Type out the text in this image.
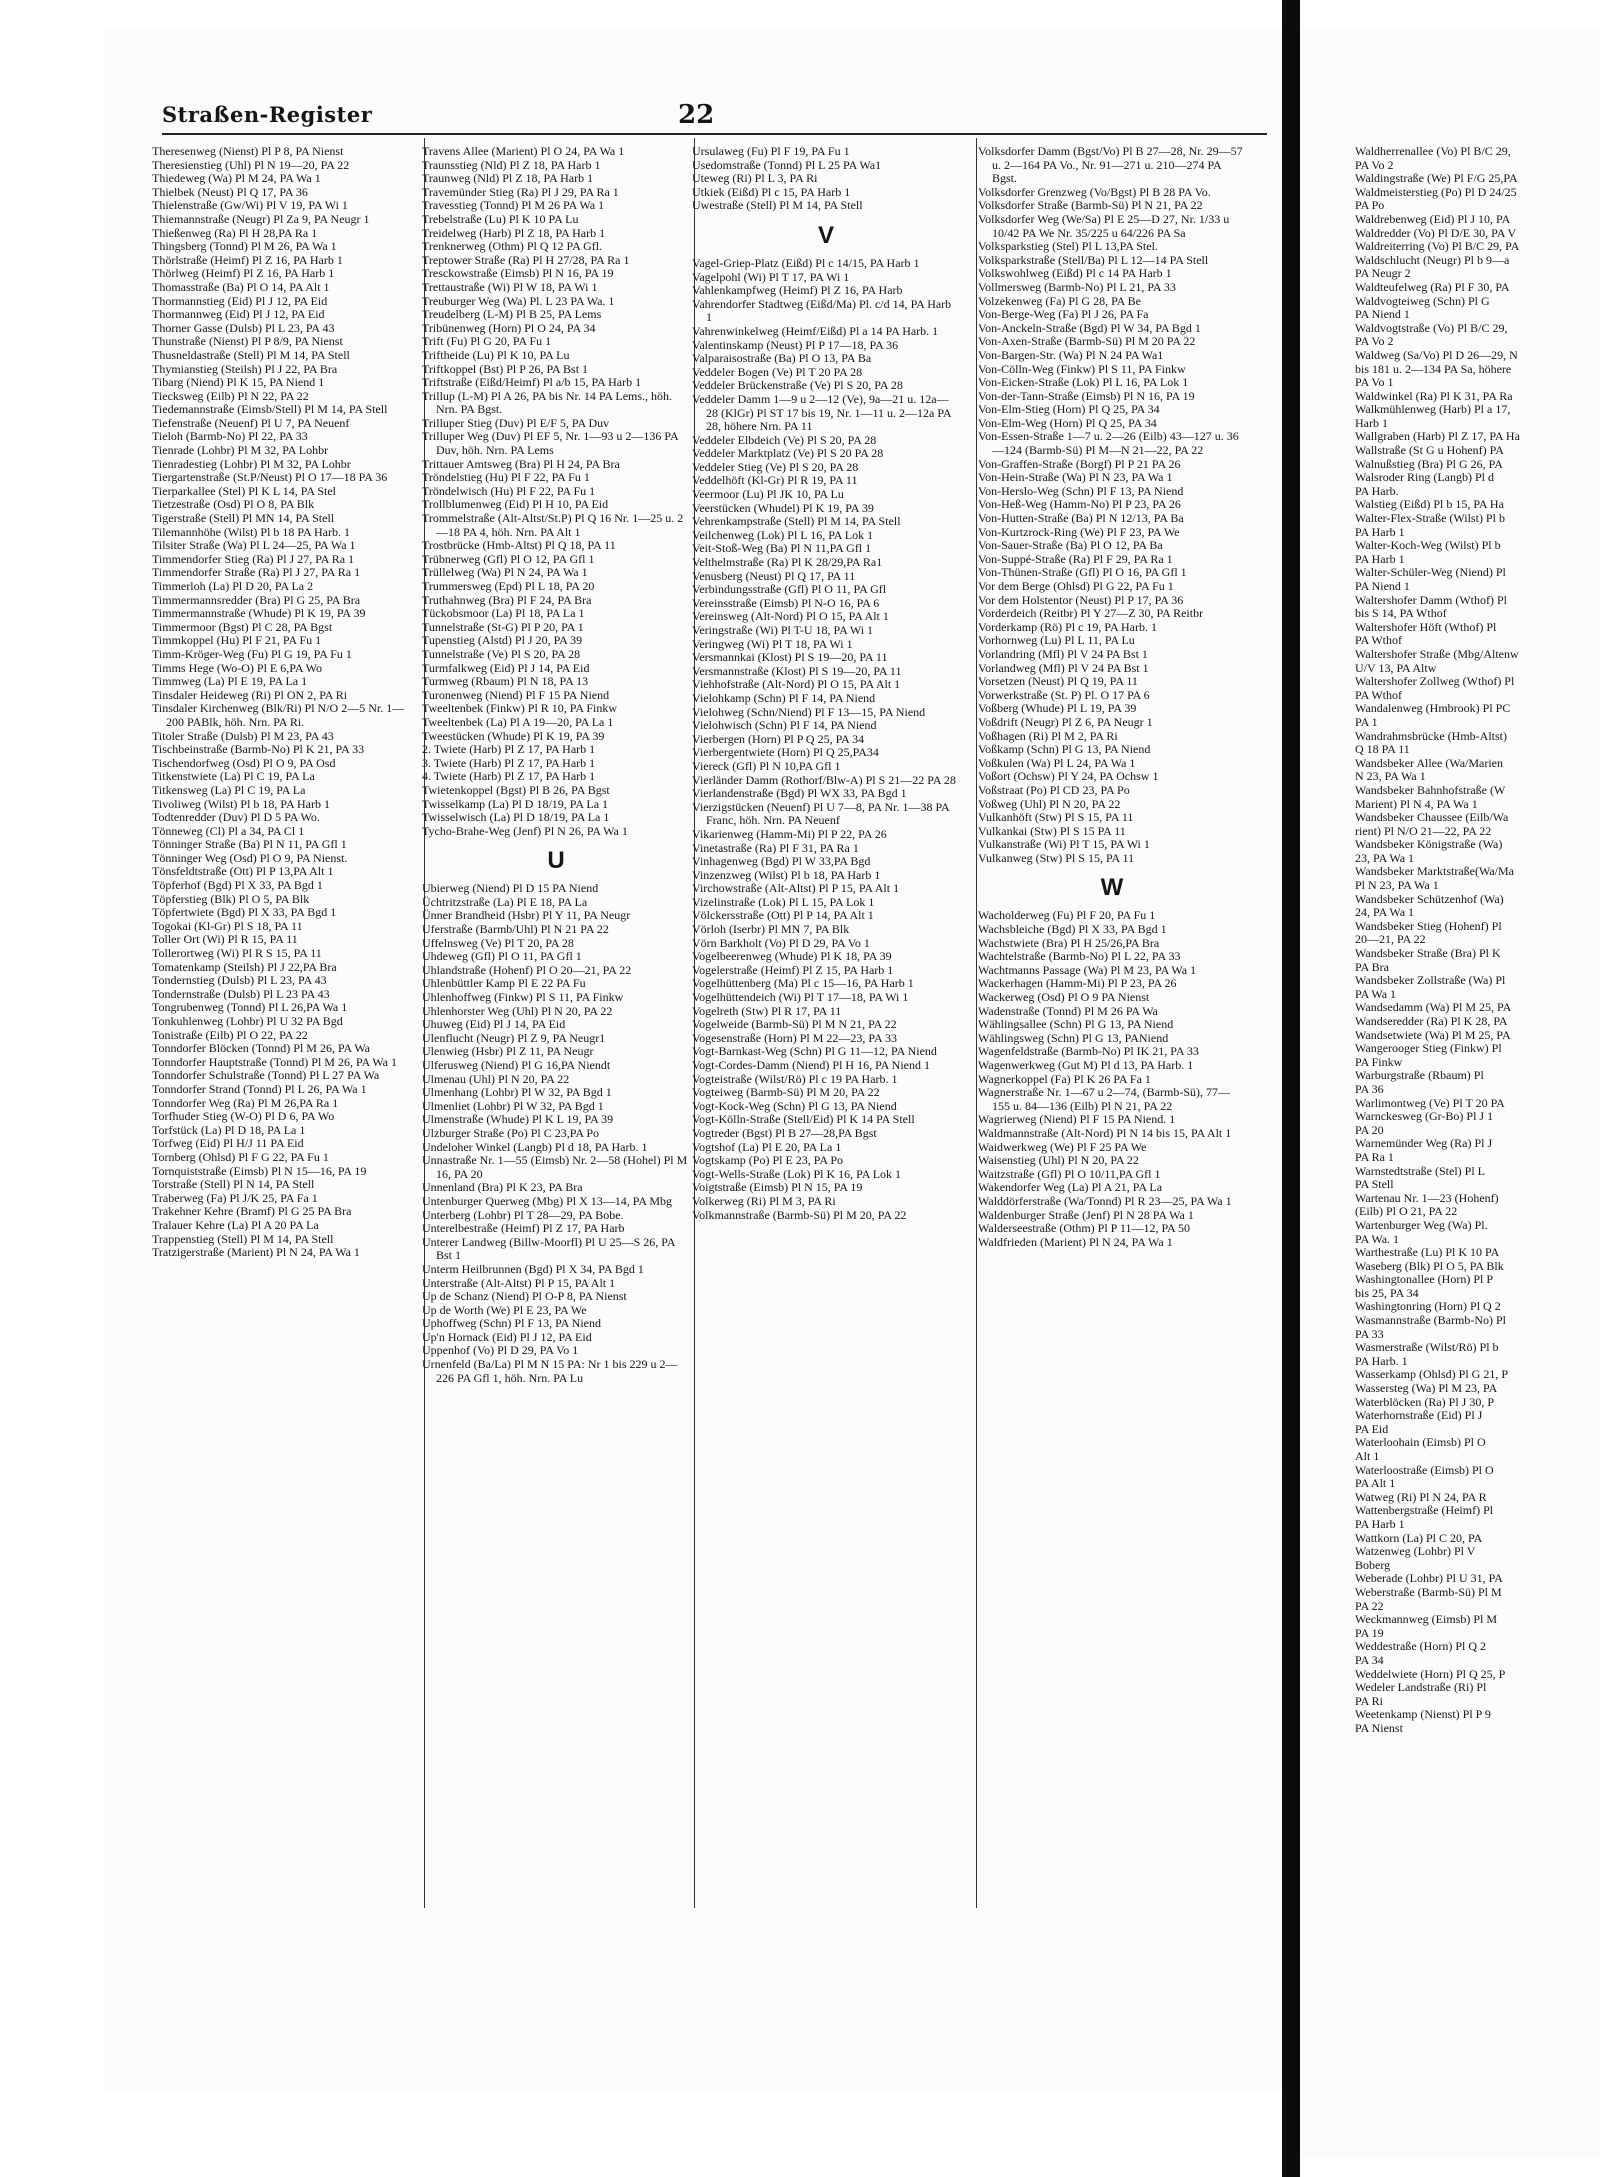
Straßen-Register	22
Theresenweg (Nienst) Pl P 8, PA Nienst
Theresienstieg (Uhl) Pl N 19—20, PA 22
Thiedeweg (Wa) Pl M 24, PA Wa 1
Thielbek (Neust) Pl Q 17, PA 36
Thielenstraße (Gw/Wi) Pl V 19, PA Wi 1
Thiemannstraße (Neugr) Pl Za 9, PA Neugr 1
Thießenweg (Ra) Pl H 28,PA Ra 1
Thingsberg (Tonnd) Pl M 26, PA Wa 1
Thörlstraße (Heimf) Pl Z 16, PA Harb 1
Thörlweg (Heimf) Pl Z 16, PA Harb 1
Thomasstraße (Ba) Pl O 14, PA Alt 1
Thormannstieg (Eid) Pl J 12, PA Eid
Thormannweg (Eid) Pl J 12, PA Eid
Thorner Gasse (Dulsb) Pl L 23, PA 43
Thunstraße (Nienst) Pl P 8/9, PA Nienst
Thusneldastraße (Stell) Pl M 14, PA Stell
Thymianstieg (Steilsh) Pl J 22, PA Bra
Tibarg (Niend) Pl K 15, PA Niend 1
Tiecksweg (Eilb) Pl N 22, PA 22
Tiedemannstraße (Eimsb/Stell) Pl M 14, PA Stell
Tiefenstraße (Neuenf) Pl U 7, PA Neuenf
Tieloh (Barmb-No) Pl 22, PA 33
Tienrade (Lohbr) Pl M 32, PA Lohbr
Tienradestieg (Lohbr) Pl M 32, PA Lohbr
Tiergartenstraße (St.P/Neust) Pl O 17—18 PA 36
Tierparkallee (Stel) Pl K L 14, PA Stel
Tietzestraße (Osd) Pl O 8, PA Blk
Tigerstraße (Stell) Pl MN 14, PA Stell
Tilemannhöhe (Wilst) Pl b 18 PA Harb. 1
Tilsiter Straße (Wa) Pl L 24—25, PA Wa 1
Timmendorfer Stieg (Ra) Pl J 27, PA Ra 1
Timmendorfer Straße (Ra) Pl J 27, PA Ra 1
Timmerloh (La) Pl D 20, PA La 2
Timmermannsredder (Bra) Pl G 25, PA Bra
Timmermannstraße (Whude) Pl K 19, PA 39
Timmermoor (Bgst) Pl C 28, PA Bgst
Timmkoppel (Hu) Pl F 21, PA Fu 1
Timm-Kröger-Weg (Fu) Pl G 19, PA Fu 1
Timms Hege (Wo-O) Pl E 6,PA Wo
Timmweg (La) Pl E 19, PA La 1
Tinsdaler Heideweg (Ri) Pl ON 2, PA Ri
Tinsdaler Kirchenweg (Blk/Ri) Pl N/O 2—5 Nr. 1—200 PABlk, höh. Nrn. PA Ri.
Titoler Straße (Dulsb) Pl M 23, PA 43
Tischbeinstraße (Barmb-No) Pl K 21, PA 33
Tischendorfweg (Osd) Pl O 9, PA Osd
Titkenstwiete (La) Pl C 19, PA La
Titkensweg (La) Pl C 19, PA La
Tivoliweg (Wilst) Pl b 18, PA Harb 1
Todtenredder (Duv) Pl D 5 PA Wo.
Tönneweg (Cl) Pl a 34, PA Cl 1
Tönninger Straße (Ba) Pl N 11, PA Gfl 1
Tönninger Weg (Osd) Pl O 9, PA Nienst.
Tönsfeldtstraße (Ott) Pl P 13,PA Alt 1
Töpferhof (Bgd) Pl X 33, PA Bgd 1
Töpferstieg (Blk) Pl O 5, PA Blk
Töpfertwiete (Bgd) Pl X 33, PA Bgd 1
Togokai (Kl-Gr) Pl S 18, PA 11
Toller Ort (Wi) Pl R 15, PA 11
Tollerortweg (Wi) Pl R S 15, PA 11
Tomatenkamp (Steilsh) Pl J 22,PA Bra
Tondernstieg (Dulsb) Pl L 23, PA 43
Tondernstraße (Dulsb) Pl L 23 PA 43
Tongrubenweg (Tonnd) Pl L 26,PA Wa 1
Tonkuhlenweg (Lohbr) Pl U 32 PA Bgd
Tonistraße (Eilb) Pl O 22, PA 22
Tonndorfer Blöcken (Tonnd) Pl M 26, PA Wa
Tonndorfer Hauptstraße (Tonnd) Pl M 26, PA Wa 1
Tonndorfer Schulstraße (Tonnd) Pl L 27 PA Wa
Tonndorfer Strand (Tonnd) Pl L 26, PA Wa 1
Tonndorfer Weg (Ra) Pl M 26,PA Ra 1
Torfhuder Stieg (W-O) Pl D 6, PA Wo
Torfstück (La) Pl D 18, PA La 1
Torfweg (Eid) Pl H/J 11 PA Eid
Tornberg (Ohlsd) Pl F G 22, PA Fu 1
Tornquiststraße (Eimsb) Pl N 15—16, PA 19
Torstraße (Stell) Pl N 14, PA Stell
Traberweg (Fa) Pl J/K 25, PA Fa 1
Trakehner Kehre (Bramf) Pl G 25 PA Bra
Tralauer Kehre (La) Pl A 20 PA La
Trappenstieg (Stell) Pl M 14, PA Stell
Tratzigerstraße (Marient) Pl N 24, PA Wa 1
Travens Allee (Marient) Pl O 24, PA Wa 1
Traunsstieg (Nld) Pl Z 18, PA Harb 1
Traunweg (Nld) Pl Z 18, PA Harb 1
Travemünder Stieg (Ra) Pl J 29, PA Ra 1
Travesstieg (Tonnd) Pl M 26 PA Wa 1
Trebelstraße (Lu) Pl K 10 PA Lu
Treidelweg (Harb) Pl Z 18, PA Harb 1
Trenknerweg (Othm) Pl Q 12 PA Gfl.
Treptower Straße (Ra) Pl H 27/28, PA Ra 1
Tresckowstraße (Eimsb) Pl N 16, PA 19
Trettaustraße (Wi) Pl W 18, PA Wi 1
Treuburger Weg (Wa) Pl. L 23 PA Wa. 1
Treudelberg (L-M) Pl B 25, PA Lems
Tribünenweg (Horn) Pl O 24, PA 34
Trift (Fu) Pl G 20, PA Fu 1
Triftheide (Lu) Pl K 10, PA Lu
Triftkoppel (Bst) Pl P 26, PA Bst 1
Triftstraße (Eißd/Heimf) Pl a/b 15, PA Harb 1
Trillup (L-M) Pl A 26, PA bis Nr. 14 PA Lems., höh. Nrn. PA Bgst.
Trilluper Stieg (Duv) Pl E/F 5, PA Duv
Trilluper Weg (Duv) Pl EF 5, Nr. 1—93 u 2—136 PA Duv, höh. Nrn. PA Lems
Trittauer Amtsweg (Bra) Pl H 24, PA Bra
Tröndelstieg (Hu) Pl F 22, PA Fu 1
Tröndelwisch (Hu) Pl F 22, PA Fu 1
Trollblumenweg (Eid) Pl H 10, PA Eid
Trommelstraße (Alt-Altst/St.P) Pl Q 16 Nr. 1—25 u. 2—18 PA 4, höh. Nrn. PA Alt 1
Trostbrücke (Hmb-Altst) Pl Q 18, PA 11
Trübnerweg (Gfl) Pl O 12, PA Gfl 1
Trüllelweg (Wa) Pl N 24, PA Wa 1
Trummersweg (Epd) Pl L 18, PA 20
Truthahnweg (Bra) Pl F 24, PA Bra
Tückobsmoor (La) Pl 18, PA La 1
Tunnelstraße (St-G) Pl P 20, PA 1
Tupenstieg (Alstd) Pl J 20, PA 39
Tunnelstraße (Ve) Pl S 20, PA 28
Turmfalkweg (Eid) Pl J 14, PA Eid
Turmweg (Rbaum) Pl N 18, PA 13
Turonenweg (Niend) Pl F 15 PA Niend
Tweeltenbek (Finkw) Pl R 10, PA Finkw
Tweeltenbek (La) Pl A 19—20, PA La 1
Tweestücken (Whude) Pl K 19, PA 39
2. Twiete (Harb) Pl Z 17, PA Harb 1
3. Twiete (Harb) Pl Z 17, PA Harb 1
4. Twiete (Harb) Pl Z 17, PA Harb 1
Twietenkoppel (Bgst) Pl B 26, PA Bgst
Twisselkamp (La) Pl D 18/19, PA La 1
Twisselwisch (La) Pl D 18/19, PA La 1
Tycho-Brahe-Weg (Jenf) Pl N 26, PA Wa 1
U
Ubierweg (Niend) Pl D 15 PA Niend
Üchtritzstraße (La) Pl E 18, PA La
Ünner Brandheid (Hsbr) Pl Y 11, PA Neugr
Uferstraße (Barmb/Uhl) Pl N 21 PA 22
Uffelnsweg (Ve) Pl T 20, PA 28
Uhdeweg (Gfl) Pl O 11, PA Gfl 1
Uhlandstraße (Hohenf) Pl O 20—21, PA 22
Uhlenbüttler Kamp Pl E 22 PA Fu
Uhlenhoffweg (Finkw) Pl S 11, PA Finkw
Uhlenhorster Weg (Uhl) Pl N 20, PA 22
Uhuweg (Eid) Pl J 14, PA Eid
Ulenflucht (Neugr) Pl Z 9, PA Neugr1
Ulenwieg (Hsbr) Pl Z 11, PA Neugr
Ulferusweg (Niend) Pl G 16,PA Niendt
Ulmenau (Uhl) Pl N 20, PA 22
Ulmenhang (Lohbr) Pl W 32, PA Bgd 1
Ulmenliet (Lohbr) Pl W 32, PA Bgd 1
Ulmenstraße (Whude) Pl K L 19, PA 39
Ulzburger Straße (Po) Pl C 23,PA Po
Undeloher Winkel (Langb) Pl d 18, PA Harb. 1
Unnastraße Nr. 1—55 (Eimsb) Nr. 2—58 (Hohel) Pl M 16, PA 20
Unnenland (Bra) Pl K 23, PA Bra
Untenburger Querweg (Mbg) Pl X 13—14, PA Mbg
Unterberg (Lohbr) Pl T 28—29, PA Bobe.
Unterelbestraße (Heimf) Pl Z 17, PA Harb
Unterer Landweg (Billw-Moorfl) Pl U 25—S 26, PA Bst 1
Unterm Heilbrunnen (Bgd) Pl X 34, PA Bgd 1
Unterstraße (Alt-Altst) Pl P 15, PA Alt 1
Up de Schanz (Niend) Pl O-P 8, PA Nienst
Up de Worth (We) Pl E 23, PA We
Uphoffweg (Schn) Pl F 13, PA Niend
Up'n Hornack (Eid) Pl J 12, PA Eid
Uppenhof (Vo) Pl D 29, PA Vo 1
Urnenfeld (Ba/La) Pl M N 15 PA: Nr 1 bis 229 u 2—226 PA Gfl 1, höh. Nrn. PA Lu
Ursulaweg (Fu) Pl F 19, PA Fu 1
Usedomstraße (Tonnd) Pl L 25 PA Wa1
Uteweg (Ri) Pl L 3, PA Ri
Utkiek (Eißd) Pl c 15, PA Harb 1
Uwestraße (Stell) Pl M 14, PA Stell
V
Vagel-Griep-Platz (Eißd) Pl c 14/15, PA Harb 1
Vagelpohl (Wi) Pl T 17, PA Wi 1
Vahlenkampfweg (Heimf) Pl Z 16, PA Harb
Vahrendorfer Stadtweg (Eißd/Ma) Pl. c/d 14, PA Harb 1
Vahrenwinkelweg (Heimf/Eißd) Pl a 14 PA Harb. 1
Valentinskamp (Neust) Pl P 17—18, PA 36
Valparaisostraße (Ba) Pl O 13, PA Ba
Veddeler Bogen (Ve) Pl T 20 PA 28
Veddeler Brückenstraße (Ve) Pl S 20, PA 28
Veddeler Damm 1—9 u 2—12 (Ve), 9a—21 u. 12a—28 (KlGr) Pl ST 17 bis 19, Nr. 1—11 u. 2—12a PA 28, höhere Nrn. PA 11
Veddeler Elbdeich (Ve) Pl S 20, PA 28
Veddeler Marktplatz (Ve) Pl S 20 PA 28
Veddeler Stieg (Ve) Pl S 20, PA 28
Veddelhöft (Kl-Gr) Pl R 19, PA 11
Veermoor (Lu) Pl JK 10, PA Lu
Veerstücken (Whudel) Pl K 19, PA 39
Vehrenkampstraße (Stell) Pl M 14, PA Stell
Veilchenweg (Lok) Pl L 16, PA Lok 1
Veit-Stoß-Weg (Ba) Pl N 11,PA Gfl 1
Velthelmstraße (Ra) Pl K 28/29,PA Ra1
Venusberg (Neust) Pl Q 17, PA 11
Verbindungsstraße (Gfl) Pl O 11, PA Gfl
Vereinsstraße (Eimsb) Pl N-O 16, PA 6
Vereinsweg (Alt-Nord) Pl O 15, PA Alt 1
Veringstraße (Wi) Pl T-U 18, PA Wi 1
Veringweg (Wi) Pl T 18, PA Wi 1
Versmannkai (Klost) Pl S 19—20, PA 11
Versmannstraße (Klost) Pl S 19—20, PA 11
Viehhofstraße (Alt-Nord) Pl O 15, PA Alt 1
Vielohkamp (Schn) Pl F 14, PA Niend
Vielohweg (Schn/Niend) Pl F 13—15, PA Niend
Vielohwisch (Schn) Pl F 14, PA Niend
Vierbergen (Horn) Pl P Q 25, PA 34
Vierbergentwiete (Horn) Pl Q 25,PA34
Viereck (Gfl) Pl N 10,PA Gfl 1
Vierländer Damm (Rothorf/Blw-A) Pl S 21—22 PA 28
Vierlandenstraße (Bgd) Pl WX 33, PA Bgd 1
Vierzigstücken (Neuenf) Pl U 7—8, PA Nr. 1—38 PA Franc, höh. Nrn. PA Neuenf
Vikarienweg (Hamm-Mi) Pl P 22, PA 26
Vinetastraße (Ra) Pl F 31, PA Ra 1
Vinhagenweg (Bgd) Pl W 33,PA Bgd
Vinzenzweg (Wilst) Pl b 18, PA Harb 1
Virchowstraße (Alt-Altst) Pl P 15, PA Alt 1
Vizelinstraße (Lok) Pl L 15, PA Lok 1
Völckersstraße (Ott) Pl P 14, PA Alt 1
Vörloh (Iserbr) Pl MN 7, PA Blk
Vörn Barkholt (Vo) Pl D 29, PA Vo 1
Vogelbeerenweg (Whude) Pl K 18, PA 39
Vogelerstraße (Heimf) Pl Z 15, PA Harb 1
Vogelhüttenberg (Ma) Pl c 15—16, PA Harb 1
Vogelhüttendeich (Wi) Pl T 17—18, PA Wi 1
Vogelreth (Stw) Pl R 17, PA 11
Vogelweide (Barmb-Sü) Pl M N 21, PA 22
Vogesenstraße (Horn) Pl M 22—23, PA 33
Vogt-Barnkast-Weg (Schn) Pl G 11—12, PA Niend
Vogt-Cordes-Damm (Niend) Pl H 16, PA Niend 1
Vogteistraße (Wilst/Rö) Pl c 19 PA Harb. 1
Vogteiweg (Barmb-Sü) Pl M 20, PA 22
Vogt-Kock-Weg (Schn) Pl G 13, PA Niend
Vogt-Kölln-Straße (Stell/Eid) Pl K 14 PA Stell
Vogtreder (Bgst) Pl B 27—28,PA Bgst
Vogtshof (La) Pl E 20, PA La 1
Vogtskamp (Po) Pl E 23, PA Po
Vogt-Wells-Straße (Lok) Pl K 16, PA Lok 1
Voigtstraße (Eimsb) Pl N 15, PA 19
Volkerweg (Ri) Pl M 3, PA Ri
Volkmannstraße (Barmb-Sü) Pl M 20, PA 22
Volksdorfer Damm (Bgst/Vo) Pl B 27—28, Nr. 29—57 u. 2—164 PA Vo., Nr. 91—271 u. 210—274 PA Bgst.
Volksdorfer Grenzweg (Vo/Bgst) Pl B 28 PA Vo.
Volksdorfer Straße (Barmb-Sü) Pl N 21, PA 22
Volksdorfer Weg (We/Sa) Pl E 25—D 27, Nr. 1/33 u 10/42 PA We Nr. 35/225 u 64/226 PA Sa
Volksparkstieg (Stel) Pl L 13,PA Stel.
Volksparkstraße (Stell/Ba) Pl L 12—14 PA Stell
Volkswohlweg (Eißd) Pl c 14 PA Harb 1
Vollmersweg (Barmb-No) Pl L 21, PA 33
Volzekenweg (Fa) Pl G 28, PA Be
Von-Berge-Weg (Fa) Pl J 26, PA Fa
Von-Anckeln-Straße (Bgd) Pl W 34, PA Bgd 1
Von-Axen-Straße (Barmb-Sü) Pl M 20 PA 22
Von-Bargen-Str. (Wa) Pl N 24 PA Wa1
Von-Cölln-Weg (Finkw) Pl S 11, PA Finkw
Von-Eicken-Straße (Lok) Pl L 16, PA Lok 1
Von-der-Tann-Straße (Eimsb) Pl N 16, PA 19
Von-Elm-Stieg (Horn) Pl Q 25, PA 34
Von-Elm-Weg (Horn) Pl Q 25, PA 34
Von-Essen-Straße 1—7 u. 2—26 (Eilb) 43—127 u. 36—124 (Barmb-Sü) Pl M—N 21—22, PA 22
Von-Graffen-Straße (Borgf) Pl P 21 PA 26
Von-Hein-Straße (Wa) Pl N 23, PA Wa 1
Von-Herslo-Weg (Schn) Pl F 13, PA Niend
Von-Heß-Weg (Hamm-No) Pl P 23, PA 26
Von-Hutten-Straße (Ba) Pl N 12/13, PA Ba
Von-Kurtzrock-Ring (We) Pl F 23, PA We
Von-Sauer-Straße (Ba) Pl O 12, PA Ba
Von-Suppé-Straße (Ra) Pl F 29, PA Ra 1
Von-Thünen-Straße (Gfl) Pl O 16, PA Gfl 1
Vor dem Berge (Ohlsd) Pl G 22, PA Fu 1
Vor dem Holstentor (Neust) Pl P 17, PA 36
Vorderdeich (Reitbr) Pl Y 27—Z 30, PA Reitbr
Vorderkamp (Rö) Pl c 19, PA Harb. 1
Vorhornweg (Lu) Pl L 11, PA Lu
Vorlandring (Mfl) Pl V 24 PA Bst 1
Vorlandweg (Mfl) Pl V 24 PA Bst 1
Vorsetzen (Neust) Pl Q 19, PA 11
Vorwerkstraße (St. P) Pl. O 17 PA 6
Voßberg (Whude) Pl L 19, PA 39
Voßdrift (Neugr) Pl Z 6, PA Neugr 1
Voßhagen (Ri) Pl M 2, PA Ri
Voßkamp (Schn) Pl G 13, PA Niend
Voßkulen (Wa) Pl L 24, PA Wa 1
Voßort (Ochsw) Pl Y 24, PA Ochsw 1
Voßstraat (Po) Pl CD 23, PA Po
Voßweg (Uhl) Pl N 20, PA 22
Vulkanhöft (Stw) Pl S 15, PA 11
Vulkankai (Stw) Pl S 15 PA 11
Vulkanstraße (Wi) Pl T 15, PA Wi 1
Vulkanweg (Stw) Pl S 15, PA 11
W
Wacholderweg (Fu) Pl F 20, PA Fu 1
Wachsbleiche (Bgd) Pl X 33, PA Bgd 1
Wachstwiete (Bra) Pl H 25/26,PA Bra
Wachtelstraße (Barmb-No) Pl L 22, PA 33
Wachtmanns Passage (Wa) Pl M 23, PA Wa 1
Wackerhagen (Hamm-Mi) Pl P 23, PA 26
Wackerweg (Osd) Pl O 9 PA Nienst
Wadenstraße (Tonnd) Pl M 26 PA Wa
Wählingsallee (Schn) Pl G 13, PA Niend
Wählingsweg (Schn) Pl G 13, PANiend
Wagenfeldstraße (Barmb-No) Pl IK 21, PA 33
Wagenwerkweg (Gut M) Pl d 13, PA Harb. 1
Wagnerkoppel (Fa) Pl K 26 PA Fa 1
Wagnerstraße Nr. 1—67 u 2—74, (Barmb-Sü), 77—155 u. 84—136 (Eilb) Pl N 21, PA 22
Wagrierweg (Niend) Pl F 15 PA Niend. 1
Waldmannstraße (Alt-Nord) Pl N 14 bis 15, PA Alt 1
Waidwerkweg (We) Pl F 25 PA We
Waisenstieg (Uhl) Pl N 20, PA 22
Waitzstraße (Gfl) Pl O 10/11,PA Gfl 1
Wakendorfer Weg (La) Pl A 21, PA La
Walddörferstraße (Wa/Tonnd) Pl R 23—25, PA Wa 1
Waldenburger Straße (Jenf) Pl N 28 PA Wa 1
Walderseestraße (Othm) Pl P 11—12, PA 50
Waldfrieden (Marient) Pl N 24, PA Wa 1
Waldherrenallee (Vo) Pl B/C 29,
PA Vo 2
Waldingstraße (We) Pl F/G 25,PA
Waldmeisterstieg (Po) Pl D 24/25
PA Po
Waldrebenweg (Eid) Pl J 10, PA
Waldredder (Vo) Pl D/E 30, PA V
Waldreiterring (Vo) Pl B/C 29, PA
Waldschlucht (Neugr) Pl b 9—a
PA Neugr 2
Waldteufelweg (Ra) Pl F 30, PA
Waldvogteiweg (Schn) Pl G
PA Niend 1
Waldvogtstraße (Vo) Pl B/C 29,
PA Vo 2
Waldweg (Sa/Vo) Pl D 26—29, N
bis 181 u. 2—134 PA Sa, höhere
PA Vo 1
Waldwinkel (Ra) Pl K 31, PA Ra
Walkmühlenweg (Harb) Pl a 17,
Harb 1
Wallgraben (Harb) Pl Z 17, PA Ha
Wallstraße (St G u Hohenf) PA
Walnußstieg (Bra) Pl G 26, PA
Walsroder Ring (Langb) Pl d
PA Harb.
Walstieg (Eißd) Pl b 15, PA Ha
Walter-Flex-Straße (Wilst) Pl b
PA Harb 1
Walter-Koch-Weg (Wilst) Pl b
PA Harb 1
Walter-Schüler-Weg (Niend) Pl
PA Niend 1
Waltershofer Damm (Wthof) Pl
bis S 14, PA Wthof
Waltershofer Höft (Wthof) Pl
PA Wthof
Waltershofer Straße (Mbg/Altenw
U/V 13, PA Altw
Waltershofer Zollweg (Wthof) Pl
PA Wthof
Wandalenweg (Hmbrook) Pl PC
PA 1
Wandrahmsbrücke (Hmb-Altst)
Q 18 PA 11
Wandsbeker Allee (Wa/Marien
N 23, PA Wa 1
Wandsbeker Bahnhofstraße (W
Marient) Pl N 4, PA Wa 1
Wandsbeker Chaussee (Eilb/Wa
rient) Pl N/O 21—22, PA 22
Wandsbeker Königstraße (Wa)
23, PA Wa 1
Wandsbeker Marktstraße(Wa/Ma
Pl N 23, PA Wa 1
Wandsbeker Schützenhof (Wa)
24, PA Wa 1
Wandsbeker Stieg (Hohenf) Pl
20—21, PA 22
Wandsbeker Straße (Bra) Pl K
PA Bra
Wandsbeker Zollstraße (Wa) Pl
PA Wa 1
Wandsedamm (Wa) Pl M 25, PA
Wandseredder (Ra) Pl K 28, PA
Wandsetwiete (Wa) Pl M 25, PA
Wangerooger Stieg (Finkw) Pl
PA Finkw
Warburgstraße (Rbaum) Pl
PA 36
Warlimontweg (Ve) Pl T 20 PA
Warnckesweg (Gr-Bo) Pl J 1
PA 20
Warnemünder Weg (Ra) Pl J
PA Ra 1
Warnstedtstraße (Stel) Pl L
PA Stell
Wartenau Nr. 1—23 (Hohenf)
(Eilb) Pl O 21, PA 22
Wartenburger Weg (Wa) Pl.
PA Wa. 1
Warthestraße (Lu) Pl K 10 PA
Waseberg (Blk) Pl O 5, PA Blk
Washingtonallee (Horn) Pl P
bis 25, PA 34
Washingtonring (Horn) Pl Q 2
Wasmannstraße (Barmb-No) Pl
PA 33
Wasmerstraße (Wilst/Rö) Pl b
PA Harb. 1
Wasserkamp (Ohlsd) Pl G 21, P
Wassersteg (Wa) Pl M 23, PA
Waterblöcken (Ra) Pl J 30, P
Waterhornstraße (Eid) Pl J
PA Eid
Waterloohain (Eimsb) Pl O
Alt 1
Waterloostraße (Eimsb) Pl O
PA Alt 1
Watweg (Ri) Pl N 24, PA R
Wattenbergstraße (Heimf) Pl
PA Harb 1
Wattkorn (La) Pl C 20, PA
Watzenweg (Lohbr) Pl V
Boberg
Weberade (Lohbr) Pl U 31, PA
Weberstraße (Barmb-Sü) Pl M
PA 22
Weckmannweg (Eimsb) Pl M
PA 19
Weddestraße (Horn) Pl Q 2
PA 34
Weddelwiete (Horn) Pl Q 25, P
Wedeler Landstraße (Ri) Pl
PA Ri
Weetenkamp (Nienst) Pl P 9
PA Nienst
